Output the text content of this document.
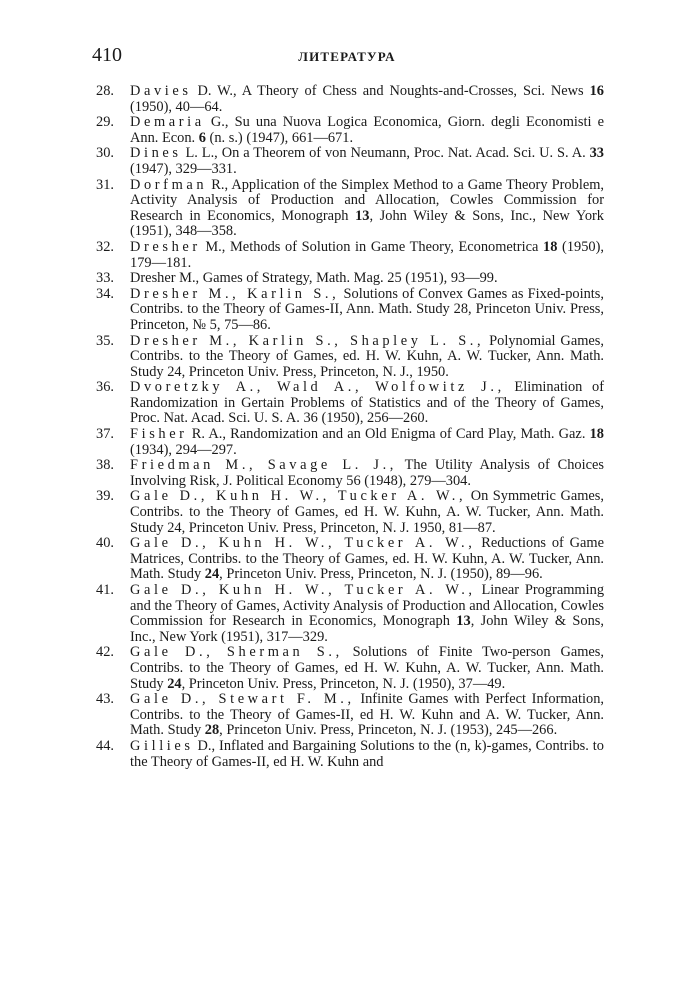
410	ЛИТЕРАТУРА
28. Davies D. W., A Theory of Chess and Noughts-and-Crosses, Sci. News 16 (1950), 40—64.
29. Demaria G., Su una Nuova Logica Economica, Giorn. degli Economisti e Ann. Econ. 6 (n. s.) (1947), 661—671.
30. Dines L. L., On a Theorem of von Neumann, Proc. Nat. Acad. Sci. U. S. A. 33 (1947), 329—331.
31. Dorfman R., Application of the Simplex Method to a Game Theory Problem, Activity Analysis of Production and Allocation, Cowles Commission for Research in Economics, Monograph 13, John Wiley & Sons, Inc., New York (1951), 348—358.
32. Dresher M., Methods of Solution in Game Theory, Econometrica 18 (1950), 179—181.
33. Dresher M., Games of Strategy, Math. Mag. 25 (1951), 93—99.
34. Dresher M., Karlin S., Solutions of Convex Games as Fixed-points, Contribs. to the Theory of Games-II, Ann. Math. Study 28, Princeton Univ. Press, Princeton, № 5, 75—86.
35. Dresher M., Karlin S., Shapley L. S., Polynomial Games, Contribs. to the Theory of Games, ed. H. W. Kuhn, A. W. Tucker, Ann. Math. Study 24, Princeton Univ. Press, Princeton, N. J., 1950.
36. Dvoretzky A., Wald A., Wolfowitz J., Elimination of Randomization in Gertain Problems of Statistics and of the Theory of Games, Proc. Nat. Acad. Sci. U. S. A. 36 (1950), 256—260.
37. Fisher R. A., Randomization and an Old Enigma of Card Play, Math. Gaz. 18 (1934), 294—297.
38. Friedman M., Savage L. J., The Utility Analysis of Choices Involving Risk, J. Political Economy 56 (1948), 279—304.
39. Gale D., Kuhn H. W., Tucker A. W., On Symmetric Games, Contribs. to the Theory of Games, ed H. W. Kuhn, A. W. Tucker, Ann. Math. Study 24, Princeton Univ. Press, Princeton, N. J. 1950, 81—87.
40. Gale D., Kuhn H. W., Tucker A. W., Reductions of Game Matrices, Contribs. to the Theory of Games, ed. H. W. Kuhn, A. W. Tucker, Ann. Math. Study 24, Princeton Univ. Press, Princeton, N. J. (1950), 89—96.
41. Gale D., Kuhn H. W., Tucker A. W., Linear Programming and the Theory of Games, Activity Analysis of Production and Allocation, Cowles Commission for Research in Economics, Monograph 13, John Wiley & Sons, Inc., New York (1951), 317—329.
42. Gale D., Sherman S., Solutions of Finite Two-person Games, Contribs. to the Theory of Games, ed H. W. Kuhn, A. W. Tucker, Ann. Math. Study 24, Princeton Univ. Press, Princeton, N. J. (1950), 37—49.
43. Gale D., Stewart F. M., Infinite Games with Perfect Information, Contribs. to the Theory of Games-II, ed H. W. Kuhn and A. W. Tucker, Ann. Math. Study 28, Princeton Univ. Press, Princeton, N. J. (1953), 245—266.
44. Gillies D., Inflated and Bargaining Solutions to the (n, k)-games, Contribs. to the Theory of Games-II, ed H. W. Kuhn and
